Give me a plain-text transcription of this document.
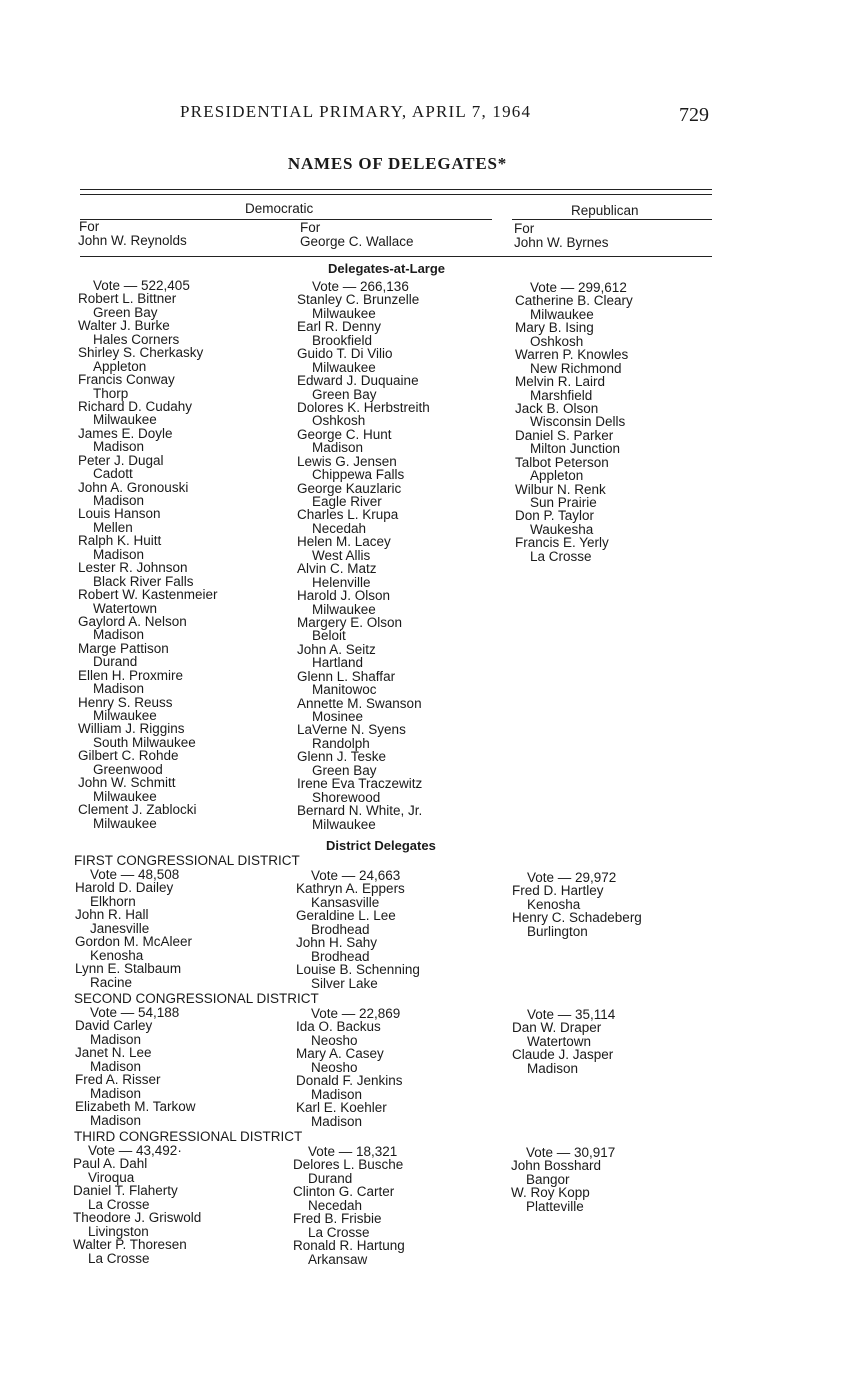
PRESIDENTIAL PRIMARY, APRIL 7, 1964	729
NAMES OF DELEGATES*
Democratic	Republican
For
John W. Reynolds
For
George C. Wallace
For
John W. Byrnes
Delegates-at-Large
District Delegates
Vote — 522,405
Robert L. Bittner
Green Bay
Walter J. Burke
Hales Corners
Shirley S. Cherkasky
Appleton
Francis Conway
Thorp
Richard D. Cudahy
Milwaukee
James E. Doyle
Madison
Peter J. Dugal
Cadott
John A. Gronouski
Madison
Louis Hanson
Mellen
Ralph K. Huitt
Madison
Lester R. Johnson
Black River Falls
Robert W. Kastenmeier
Watertown
Gaylord A. Nelson
Madison
Marge Pattison
Durand
Ellen H. Proxmire
Madison
Henry S. Reuss
Milwaukee
William J. Riggins
South Milwaukee
Gilbert C. Rohde
Greenwood
John W. Schmitt
Milwaukee
Clement J. Zablocki
Milwaukee
Vote — 266,136
Stanley C. Brunzelle
Milwaukee
Earl R. Denny
Brookfield
Guido T. Di Vilio
Milwaukee
Edward J. Duquaine
Green Bay
Dolores K. Herbstreith
Oshkosh
George C. Hunt
Madison
Lewis G. Jensen
Chippewa Falls
George Kauzlaric
Eagle River
Charles L. Krupa
Necedah
Helen M. Lacey
West Allis
Alvin C. Matz
Helenville
Harold J. Olson
Milwaukee
Margery E. Olson
Beloit
John A. Seitz
Hartland
Glenn L. Shaffar
Manitowoc
Annette M. Swanson
Mosinee
LaVerne N. Syens
Randolph
Glenn J. Teske
Green Bay
Irene Eva Traczewitz
Shorewood
Bernard N. White, Jr.
Milwaukee
Vote — 299,612
Catherine B. Cleary
Milwaukee
Mary B. Ising
Oshkosh
Warren P. Knowles
New Richmond
Melvin R. Laird
Marshfield
Jack B. Olson
Wisconsin Dells
Daniel S. Parker
Milton Junction
Talbot Peterson
Appleton
Wilbur N. Renk
Sun Prairie
Don P. Taylor
Waukesha
Francis E. Yerly
La Crosse
FIRST CONGRESSIONAL DISTRICT
Vote — 48,508
Harold D. Dailey
Elkhorn
John R. Hall
Janesville
Gordon M. McAleer
Kenosha
Lynn E. Stalbaum
Racine
Vote — 24,663
Kathryn A. Eppers
Kansasville
Geraldine L. Lee
Brodhead
John H. Sahy
Brodhead
Louise B. Schenning
Silver Lake
Vote — 29,972
Fred D. Hartley
Kenosha
Henry C. Schadeberg
Burlington
SECOND CONGRESSIONAL DISTRICT
Vote — 54,188
David Carley
Madison
Janet N. Lee
Madison
Fred A. Risser
Madison
Elizabeth M. Tarkow
Madison
Vote — 22,869
Ida O. Backus
Neosho
Mary A. Casey
Neosho
Donald F. Jenkins
Madison
Karl E. Koehler
Madison
Vote — 35,114
Dan W. Draper
Watertown
Claude J. Jasper
Madison
THIRD CONGRESSIONAL DISTRICT
Vote — 43,492·
Paul A. Dahl
Viroqua
Daniel T. Flaherty
La Crosse
Theodore J. Griswold
Livingston
Walter P. Thoresen
La Crosse
Vote — 18,321
Delores L. Busche
Durand
Clinton G. Carter
Necedah
Fred B. Frisbie
La Crosse
Ronald R. Hartung
Arkansaw
Vote — 30,917
John Bosshard
Bangor
W. Roy Kopp
Platteville
